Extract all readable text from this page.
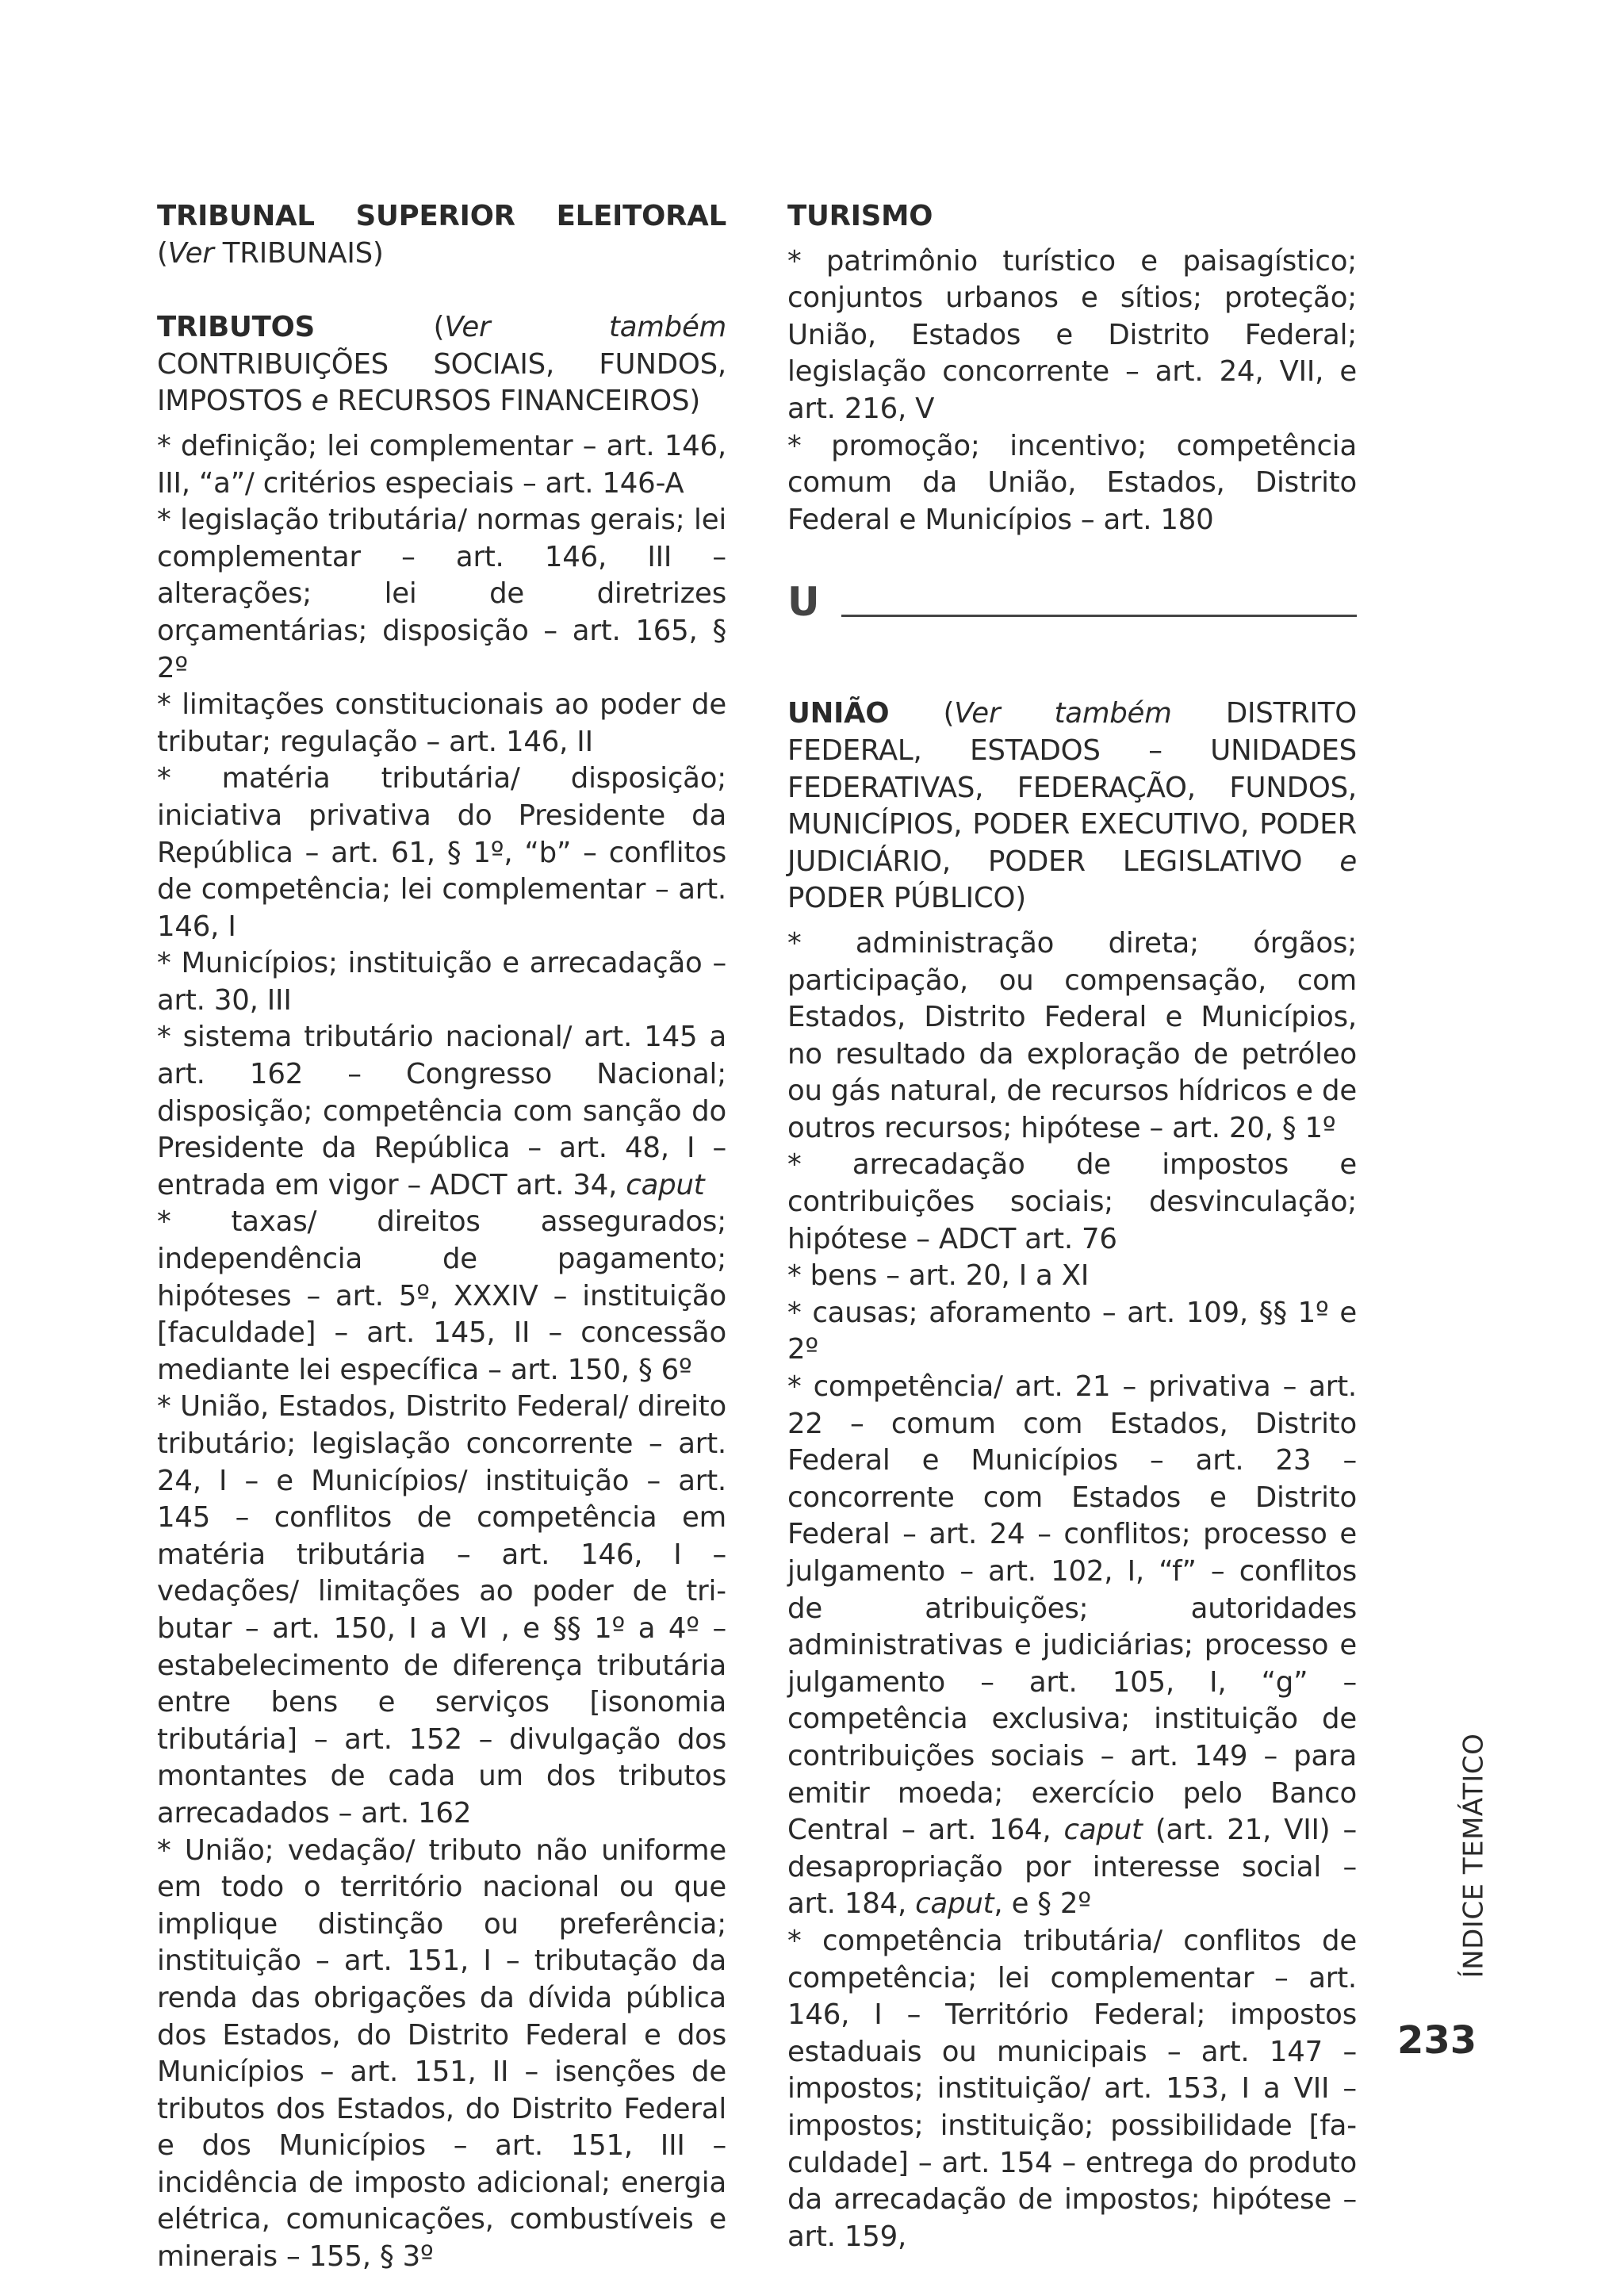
TRIBUNAL SUPERIOR ELEITORAL (Ver TRIBUNAIS)

TRIBUTOS (Ver também CONTRIBUIÇÕES SOCIAIS, FUNDOS, IMPOSTOS e RECURSOS FINANCEIROS)

* definição; lei complementar – art. 146, III, “a”/ critérios especiais – art. 146-A

* legislação tributária/ normas gerais; lei complementar – art. 146, III – alterações; lei de diretrizes orçamentárias; disposição – art. 165, § 2º

* limitações constitucionais ao poder de tributar; regulação – art. 146, II

* matéria tributária/ disposição; iniciativa privativa do Presidente da República – art. 61, § 1º, “b” – conflitos de competência; lei complementar – art. 146, I

* Municípios; instituição e arrecadação – art. 30, III

* sistema tributário nacional/ art. 145 a art. 162 – Congresso Nacional; disposição; competência com sanção do Presidente da República – art. 48, I – entrada em vigor – ADCT art. 34, caput

* taxas/ direitos assegurados; independência de pagamento; hipóteses – art. 5º, XXXIV – instituição [faculdade] – art. 145, II – concessão mediante lei específica – art. 150, § 6º

* União, Estados, Distrito Federal/ direito tributário; legislação concorrente – art. 24, I – e Municípios/ instituição – art. 145 – conflitos de competência em matéria tributária – art. 146, I – vedações/ limitações ao poder de tributar – art. 150, I a VI , e §§ 1º a 4º – estabelecimento de diferença tributária entre bens e serviços [isonomia tributária] – art. 152 – divulgação dos montantes de cada um dos tributos arrecadados – art. 162

* União; vedação/ tributo não uniforme em todo o território nacional ou que implique distinção ou preferência; instituição – art. 151, I – tributação da renda das obrigações da dívida pública dos Estados, do Distrito Federal e dos Municípios – art. 151, II – isenções de tributos dos Estados, do Distrito Federal e dos Municípios – art. 151, III – incidência de imposto adicional; energia elétrica, comunicações, combustíveis e minerais – 155, § 3º

TURISMO

* patrimônio turístico e paisagístico; conjuntos urbanos e sítios; proteção; União, Estados e Distrito Federal; legislação concorrente – art. 24, VII, e art. 216, V

* promoção; incentivo; competência comum da União, Estados, Distrito Federal e Municípios – art. 180

U

UNIÃO (Ver também DISTRITO FEDERAL, ESTADOS – UNIDADES FEDERATIVAS, FEDERAÇÃO, FUNDOS, MUNICÍPIOS, PODER EXECUTIVO, PODER JUDICIÁRIO, PODER LEGISLATIVO e PODER PÚBLICO)

* administração direta; órgãos; participação, ou compensação, com Estados, Distrito Federal e Municípios, no resultado da exploração de petróleo ou gás natural, de recursos hídricos e de outros recursos; hipótese – art. 20, § 1º

* arrecadação de impostos e contribuições sociais; desvinculação; hipótese – ADCT art. 76

* bens – art. 20, I a XI

* causas; aforamento – art. 109, §§ 1º e 2º

* competência/ art. 21 – privativa – art. 22 – comum com Estados, Distrito Federal e Municípios – art. 23 – concorrente com Estados e Distrito Federal – art. 24 – conflitos; processo e julgamento – art. 102, I, “f” – conflitos de atribuições; autoridades administrativas e judiciárias; processo e julgamento – art. 105, I, “g” – competência exclusiva; instituição de contribuições sociais – art. 149 – para emitir moeda; exercício pelo Banco Central – art. 164, caput (art. 21, VII) – desapropriação por interesse social – art. 184, caput, e § 2º

* competência tributária/ conflitos de competência; lei complementar – art. 146, I – Território Federal; impostos estaduais ou municipais – art. 147 – impostos; instituição/ art. 153, I a VII – impostos; instituição; possibilidade [faculdade] – art. 154 – entrega do produto da arrecadação de impostos; hipótese – art. 159,

ÍNDICE TEMÁTICO
233
